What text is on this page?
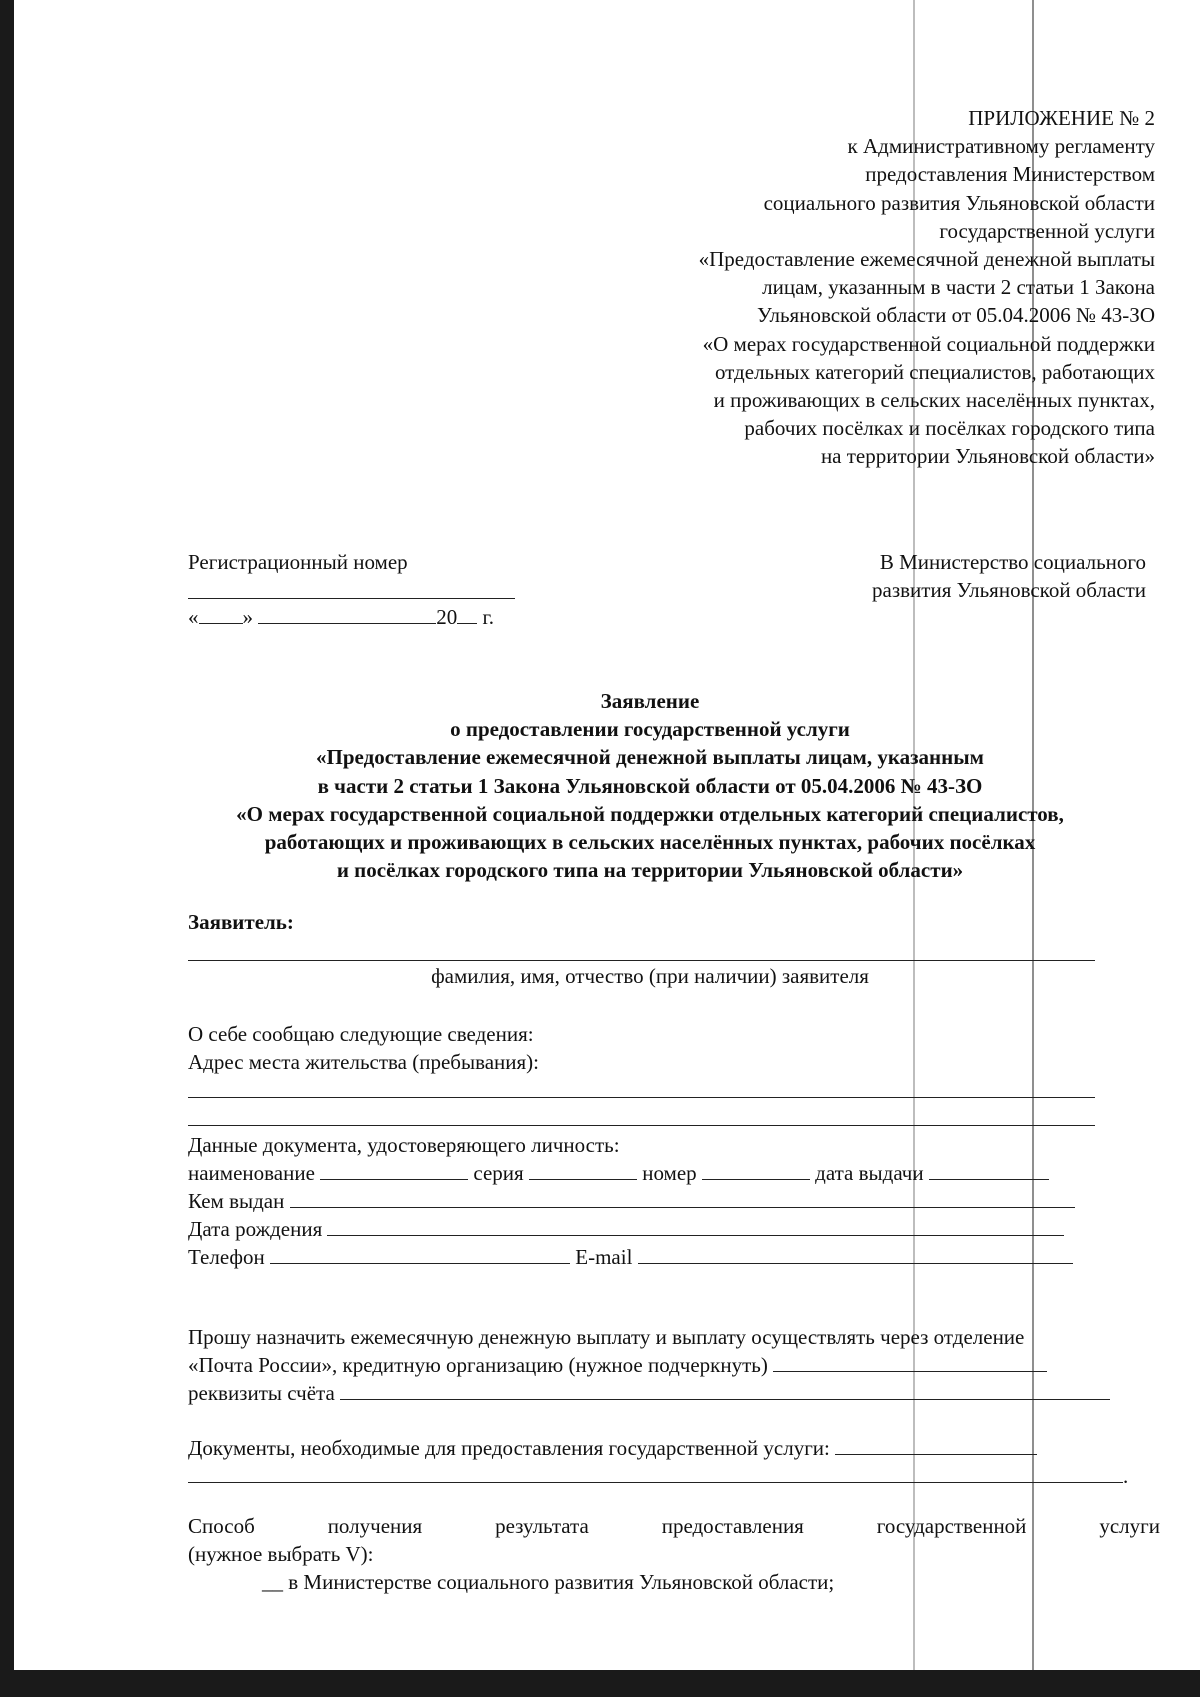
ПРИЛОЖЕНИЕ № 2
к Административному регламенту
предоставления Министерством
социального развития Ульяновской области
государственной услуги
«Предоставление ежемесячной денежной выплаты
лицам, указанным в части 2 статьи 1 Закона
Ульяновской области от 05.04.2006 № 43-ЗО
«О мерах государственной социальной поддержки
отдельных категорий специалистов, работающих
и проживающих в сельских населённых пунктах,
рабочих посёлках и посёлках городского типа
на территории Ульяновской области»
Регистрационный номер
« »	20 г.
В Министерство социального
развития Ульяновской области
Заявление
о предоставлении государственной услуги
«Предоставление ежемесячной денежной выплаты лицам, указанным
в части 2 статьи 1 Закона Ульяновской области от 05.04.2006 № 43-ЗО
«О мерах государственной социальной поддержки отдельных категорий специалистов,
работающих и проживающих в сельских населённых пунктах, рабочих посёлках
и посёлках городского типа на территории Ульяновской области»
Заявитель:
фамилия, имя, отчество (при наличии) заявителя
О себе сообщаю следующие сведения:
Адрес места жительства (пребывания):
Данные документа, удостоверяющего личность:
наименование	серия	номер	дата выдачи
Кем выдан
Дата рождения
Телефон	E-mail
Прошу назначить ежемесячную денежную выплату и выплату осуществлять через отделение
«Почта России», кредитную организацию (нужное подчеркнуть)
реквизиты счёта
Документы, необходимые для предоставления государственной услуги:
.
Способ	получения	результата	предоставления	государственной	услуги
(нужное выбрать V):
__ в Министерстве социального развития Ульяновской области;
